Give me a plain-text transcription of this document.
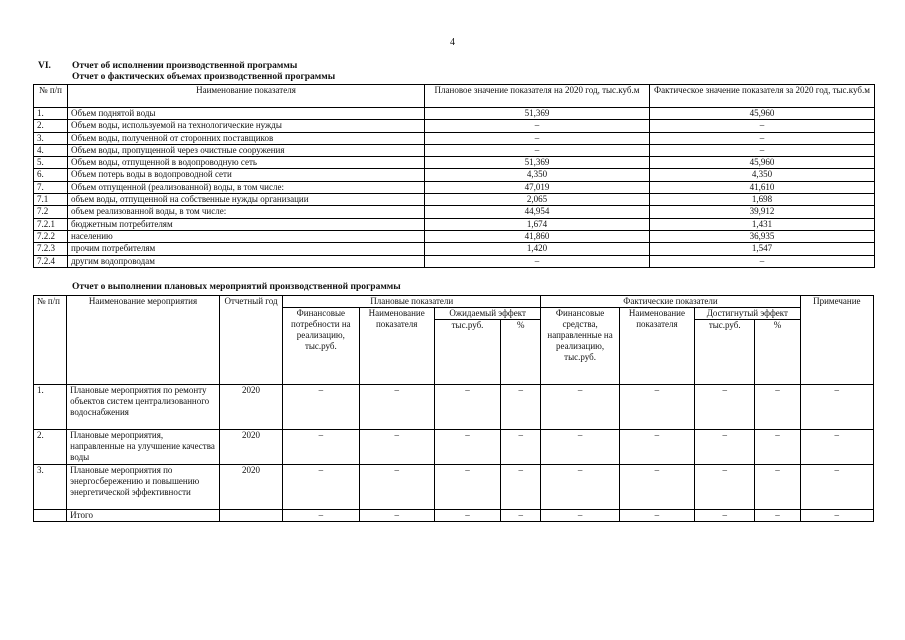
4
VI. Отчет об исполнении производственной программы
Отчет о фактических объемах производственной программы
№ п/п	Наименование показателя	Плановое значение показателя на 2020 год, тыс.куб.м	Фактическое значение показателя за 2020 год, тыс.куб.м
1.	Объем поднятой воды	51,369	45,960
2.	Объем воды, используемой на технологические нужды	–	–
3.	Объем воды, полученной от сторонних поставщиков	–	–
4.	Объем воды, пропущенной через очистные сооружения	–	–
5.	Объем воды, отпущенной в водопроводную сеть	51,369	45,960
6.	Объем потерь воды в водопроводной сети	4,350	4,350
7.	Объем отпущенной (реализованной) воды, в том числе:	47,019	41,610
7.1	объем воды, отпущенной на собственные нужды организации	2,065	1,698
7.2	объем реализованной воды, в том числе:	44,954	39,912
7.2.1	бюджетным потребителям	1,674	1,431
7.2.2	населению	41,860	36,935
7.2.3	прочим потребителям	1,420	1,547
7.2.4	другим водопроводам	–	–
Отчет о выполнении плановых мероприятий производственной программы
№ п/п	Наименование мероприятия	Отчетный год	Плановые показатели				Фактические показатели				Примечание
			Финансовые потребности на реализацию, тыс.руб.	Наименование показателя	Ожидаемый эффект		Финансовые средства, направленные на реализацию, тыс.руб.	Наименование показателя	Достигнутый эффект		
					тыс.руб.	%			тыс.руб.	%	
1.	Плановые мероприятия по ремонту объектов систем централизованного водоснабжения	2020	–	–	–	–	–	–	–	–	–
2.	Плановые мероприятия, направленные на улучшение качества воды	2020	–	–	–	–	–	–	–	–	–
3.	Плановые мероприятия по энергосбережению и повышению энергетической эффективности	2020	–	–	–	–	–	–	–	–	–
	Итого		–	–	–	–	–	–	–	–	–
